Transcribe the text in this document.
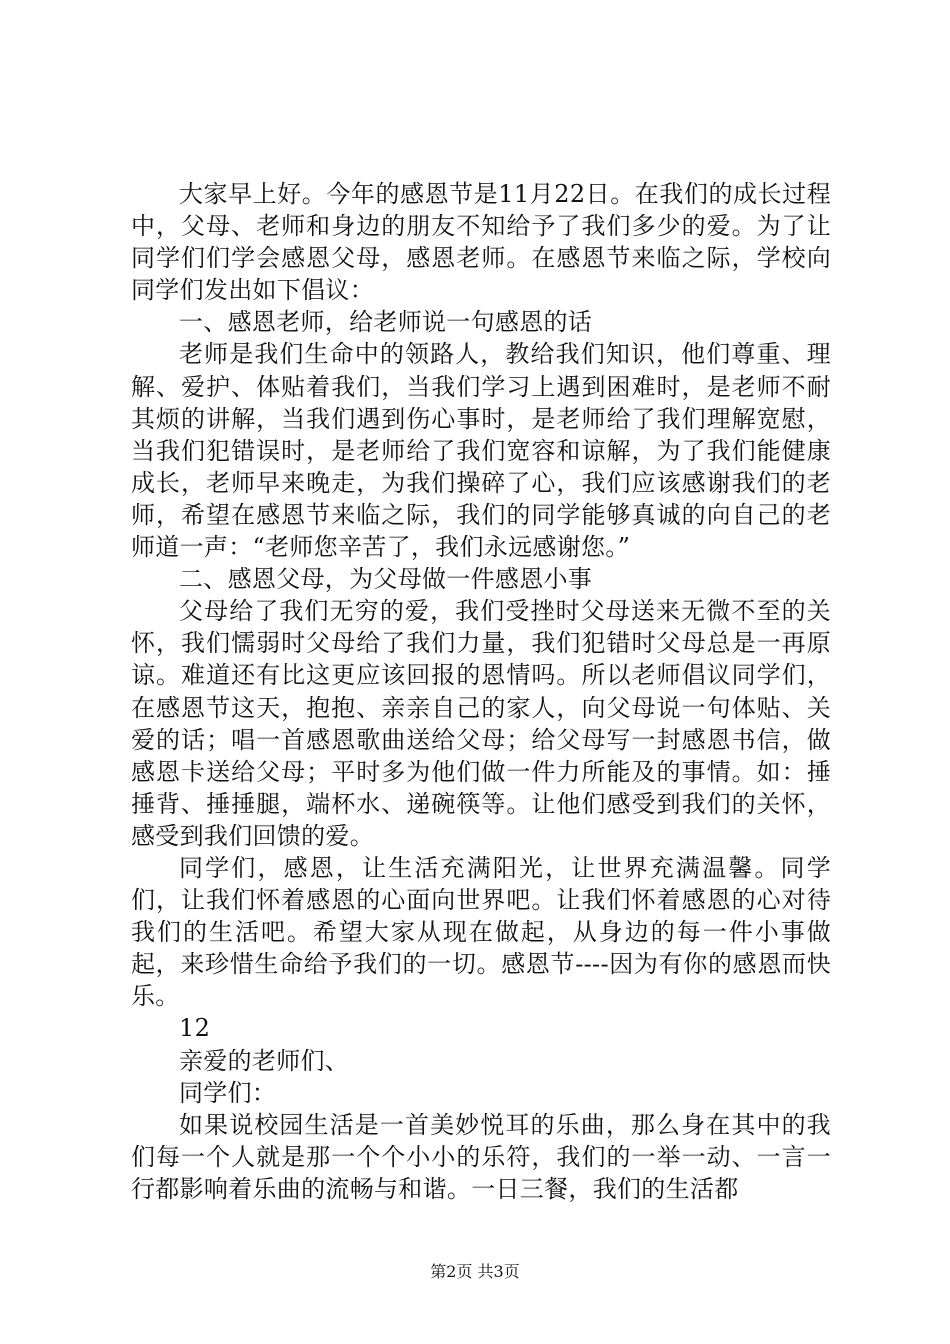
大家早上好。今年的感恩节是11月22日。在我们的成长过程中，父母、老师和身边的朋友不知给予了我们多少的爱。为了让同学们们学会感恩父母，感恩老师。在感恩节来临之际，学校向同学们发出如下倡议：

一、感恩老师，给老师说一句感恩的话

老师是我们生命中的领路人，教给我们知识，他们尊重、理解、爱护、体贴着我们，当我们学习上遇到困难时，是老师不耐其烦的讲解，当我们遇到伤心事时，是老师给了我们理解宽慰，当我们犯错误时，是老师给了我们宽容和谅解，为了我们能健康成长，老师早来晚走，为我们操碎了心，我们应该感谢我们的老师，希望在感恩节来临之际，我们的同学能够真诚的向自己的老师道一声：“老师您辛苦了，我们永远感谢您。”

二、感恩父母，为父母做一件感恩小事

父母给了我们无穷的爱，我们受挫时父母送来无微不至的关怀，我们懦弱时父母给了我们力量，我们犯错时父母总是一再原谅。难道还有比这更应该回报的恩情吗。所以老师倡议同学们，在感恩节这天，抱抱、亲亲自己的家人，向父母说一句体贴、关爱的话；唱一首感恩歌曲送给父母；给父母写一封感恩书信，做感恩卡送给父母；平时多为他们做一件力所能及的事情。如：捶捶背、捶捶腿，端杯水、递碗筷等。让他们感受到我们的关怀，感受到我们回馈的爱。

同学们，感恩，让生活充满阳光，让世界充满温馨。同学们，让我们怀着感恩的心面向世界吧。让我们怀着感恩的心对待我们的生活吧。希望大家从现在做起，从身边的每一件小事做起，来珍惜生命给予我们的一切。感恩节----因为有你的感恩而快乐。

12

亲爱的老师们、

同学们：

如果说校园生活是一首美妙悦耳的乐曲，那么身在其中的我们每一个人就是那一个个小小的乐符，我们的一举一动、一言一行都影响着乐曲的流畅与和谐。一日三餐，我们的生活都

第2页 共3页
